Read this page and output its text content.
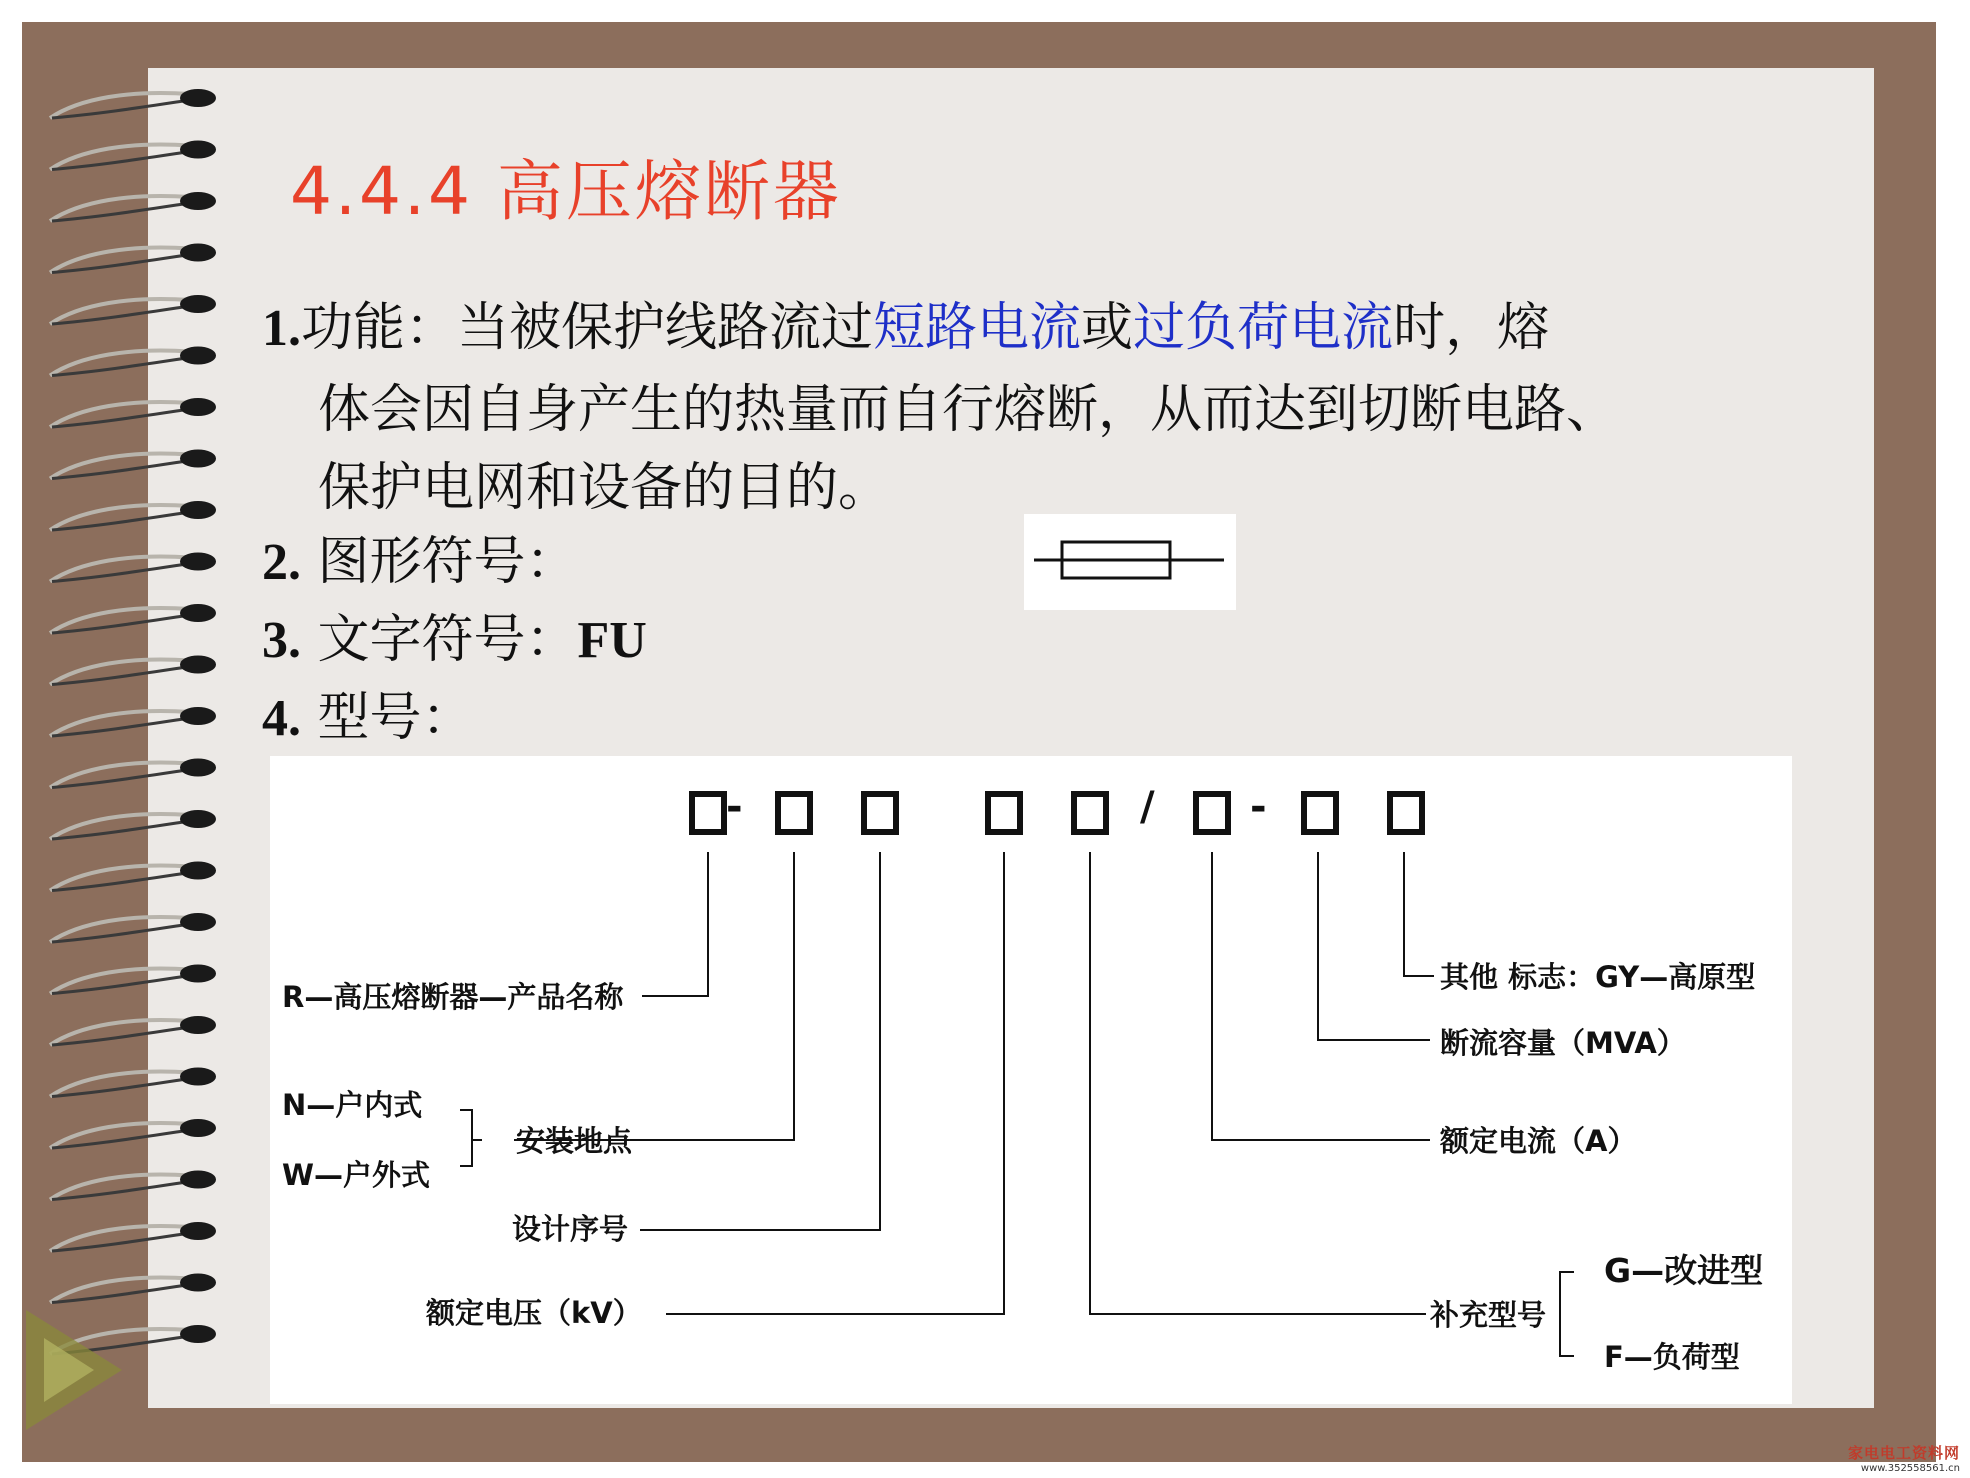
4.4.4 高压熔断器
1.功能：当被保护线路流过短路电流或过负荷电流时，熔
体会因自身产生的热量而自行熔断，从而达到切断电路、
保护电网和设备的目的。
2. 图形符号：
3. 文字符号：FU
4. 型号：
-	/ -
R—高压熔断器—产品名称
N—户内式
W—户外式
安装地点
设计序号
额定电压（kV）
其他 标志：GY—高原型
断流容量（MVA）
额定电流（A）
补充型号
G—改进型
F—负荷型
家电电工资料网
www.352558561.cn
